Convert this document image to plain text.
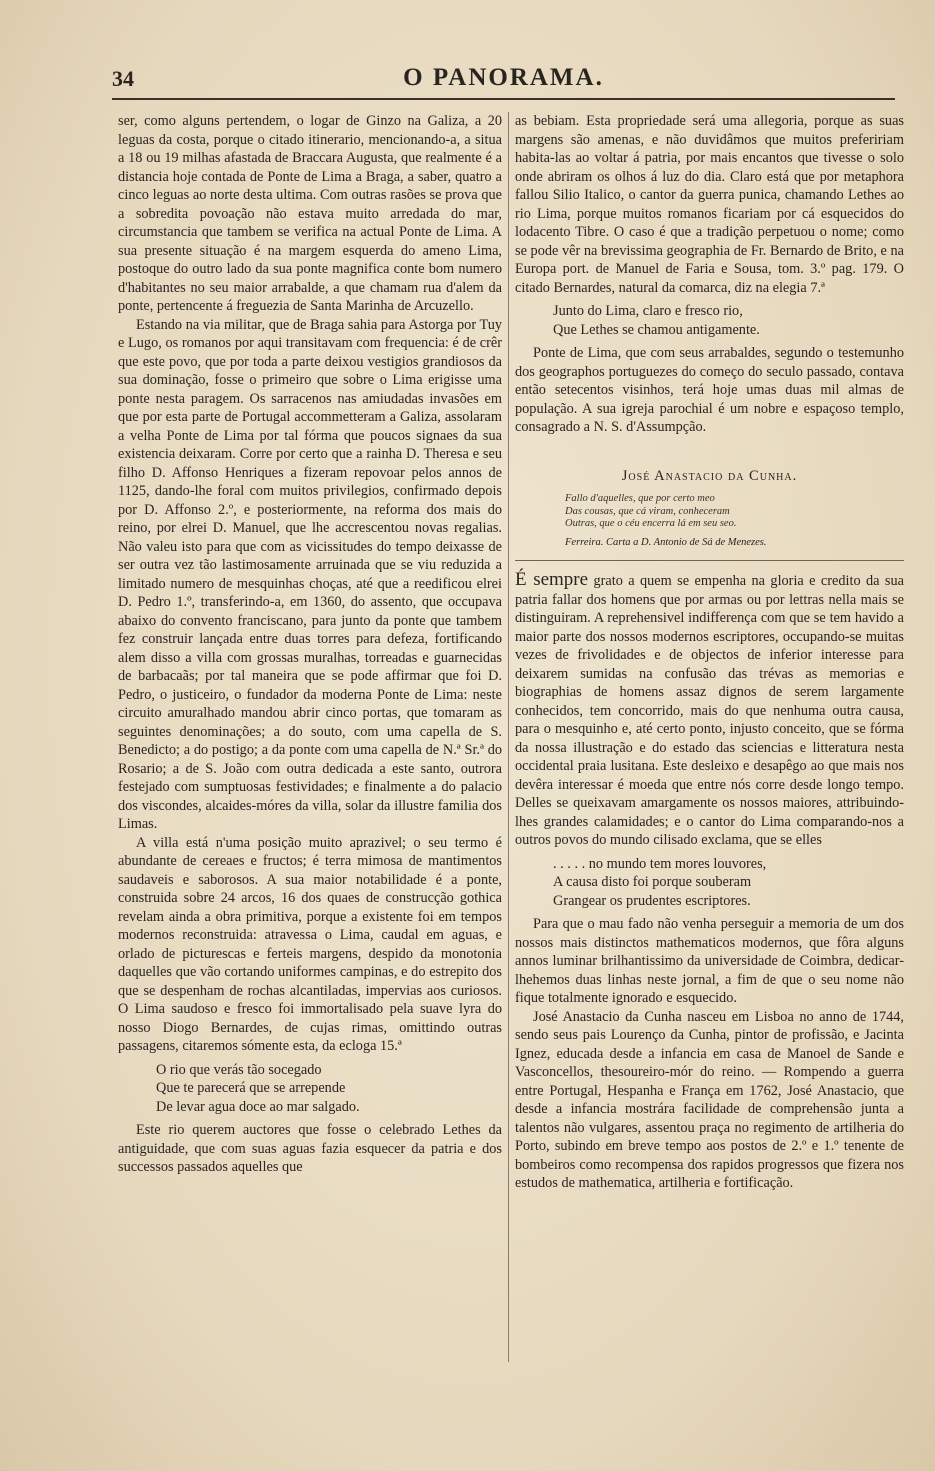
34	O PANORAMA.

ser, como alguns pertendem, o logar de Ginzo na Galiza, a 20 leguas da costa, porque o citado itinerario, mencionando-a, a situa a 18 ou 19 milhas afastada de Braccara Augusta, que realmente é a distancia hoje contada de Ponte de Lima a Braga, a saber, quatro a cinco leguas ao norte desta ultima. Com outras rasões se prova que a sobredita povoação não estava muito arredada do mar, circumstancia que tambem se verifica na actual Ponte de Lima. A sua presente situação é na margem esquerda do ameno Lima, postoque do outro lado da sua ponte magnifica conte bom numero d'habitantes no seu maior arrabalde, a que chamam rua d'alem da ponte, pertencente á freguezia de Santa Marinha de Arcuzello.

Estando na via militar, que de Braga sahia para Astorga por Tuy e Lugo, os romanos por aqui transitavam com frequencia: é de crêr que este povo, que por toda a parte deixou vestigios grandiosos da sua dominação, fosse o primeiro que sobre o Lima erigisse uma ponte nesta paragem. Os sarracenos nas amiudadas invasões em que por esta parte de Portugal accommetteram a Galiza, assolaram a velha Ponte de Lima por tal fórma que poucos signaes da sua existencia deixaram. Corre por certo que a rainha D. Theresa e seu filho D. Affonso Henriques a fizeram repovoar pelos annos de 1125, dando-lhe foral com muitos privilegios, confirmado depois por D. Affonso 2.º, e posteriormente, na reforma dos mais do reino, por elrei D. Manuel, que lhe accrescentou novas regalias. Não valeu isto para que com as vicissitudes do tempo deixasse de ser outra vez tão lastimosamente arruinada que se viu reduzida a limitado numero de mesquinhas choças, até que a reedificou elrei D. Pedro 1.º, transferindo-a, em 1360, do assento, que occupava abaixo do convento franciscano, para junto da ponte que tambem fez construir lançada entre duas torres para defeza, fortificando alem disso a villa com grossas muralhas, torreadas e guarnecidas de barbacaãs; por tal maneira que se pode affirmar que foi D. Pedro, o justiceiro, o fundador da moderna Ponte de Lima: neste circuito amuralhado mandou abrir cinco portas, que tomaram as seguintes denominações; a do souto, com uma capella de S. Benedicto; a do postigo; a da ponte com uma capella de N.ª Sr.ª do Rosario; a de S. João com outra dedicada a este santo, outrora festejado com sumptuosas festividades; e finalmente a do palacio dos viscondes, alcaides-móres da villa, solar da illustre familia dos Limas.

A villa está n'uma posição muito aprazivel; o seu termo é abundante de cereaes e fructos; é terra mimosa de mantimentos saudaveis e saborosos. A sua maior notabilidade é a ponte, construida sobre 24 arcos, 16 dos quaes de construcção gothica revelam ainda a obra primitiva, porque a existente foi em tempos modernos reconstruida: atravessa o Lima, caudal em aguas, e orlado de picturescas e ferteis margens, despido da monotonia daquelles que vão cortando uniformes campinas, e do estrepito dos que se despenham de rochas alcantiladas, impervias aos curiosos. O Lima saudoso e fresco foi immortalisado pela suave lyra do nosso Diogo Bernardes, de cujas rimas, omittindo outras passagens, citaremos sómente esta, da ecloga 15.ª

O rio que verás tão socegado
Que te parecerá que se arrepende
De levar agua doce ao mar salgado.

Este rio querem auctores que fosse o celebrado Lethes da antiguidade, que com suas aguas fazia esquecer da patria e dos successos passados aquelles que

as bebiam. Esta propriedade será uma allegoria, porque as suas margens são amenas, e não duvidâmos que muitos prefeririam habita-las ao voltar á patria, por mais encantos que tivesse o solo onde abriram os olhos á luz do dia. Claro está que por metaphora fallou Silio Italico, o cantor da guerra punica, chamando Lethes ao rio Lima, porque muitos romanos ficariam por cá esquecidos do lodacento Tibre. O caso é que a tradição perpetuou o nome; como se pode vêr na brevissima geographia de Fr. Bernardo de Brito, e na Europa port. de Manuel de Faria e Sousa, tom. 3.º pag. 179. O citado Bernardes, natural da comarca, diz na elegia 7.ª

Junto do Lima, claro e fresco rio,
Que Lethes se chamou antigamente.

Ponte de Lima, que com seus arrabaldes, segundo o testemunho dos geographos portuguezes do começo do seculo passado, contava então setecentos visinhos, terá hoje umas duas mil almas de população. A sua igreja parochial é um nobre e espaçoso templo, consagrado a N. S. d'Assumpção.

José Anastacio da Cunha.
Fallo d'aquelles, que por certo meo
Das cousas, que cá viram, conheceram
Outras, que o céu encerra lá em seu seo.
Ferreira. Carta a D. Antonio de Sá de Menezes.

É sempre grato a quem se empenha na gloria e credito da sua patria fallar dos homens que por armas ou por lettras nella mais se distinguiram. A reprehensivel indifferença com que se tem havido a maior parte dos nossos modernos escriptores, occupando-se muitas vezes de frivolidades e de objectos de inferior interesse para deixarem sumidas na confusão das trévas as memorias e biographias de homens assaz dignos de serem largamente conhecidos, tem concorrido, mais do que nenhuma outra causa, para o mesquinho e, até certo ponto, injusto conceito, que se fórma da nossa illustração e do estado das sciencias e litteratura nesta occidental praia lusitana. Este desleixo e desapêgo ao que mais nos devêra interessar é moeda que entre nós corre desde longo tempo. Delles se queixavam amargamente os nossos maiores, attribuindo-lhes grandes calamidades; e o cantor do Lima comparando-nos a outros povos do mundo cilisado exclama, que se elles

. . . . . no mundo tem mores louvores,
A causa disto foi porque souberam
Grangear os prudentes escriptores.

Para que o mau fado não venha perseguir a memoria de um dos nossos mais distinctos mathematicos modernos, que fôra alguns annos luminar brilhantissimo da universidade de Coimbra, dedicar-lhehemos duas linhas neste jornal, a fim de que o seu nome não fique totalmente ignorado e esquecido.

José Anastacio da Cunha nasceu em Lisboa no anno de 1744, sendo seus pais Lourenço da Cunha, pintor de profissão, e Jacinta Ignez, educada desde a infancia em casa de Manoel de Sande e Vasconcellos, thesoureiro-mór do reino. — Rompendo a guerra entre Portugal, Hespanha e França em 1762, José Anastacio, que desde a infancia mostrára facilidade de comprehensão junta a talentos não vulgares, assentou praça no regimento de artilheria do Porto, subindo em breve tempo aos postos de 2.º e 1.º tenente de bombeiros como recompensa dos rapidos progressos que fizera nos estudos de mathematica, artilheria e fortificação.
